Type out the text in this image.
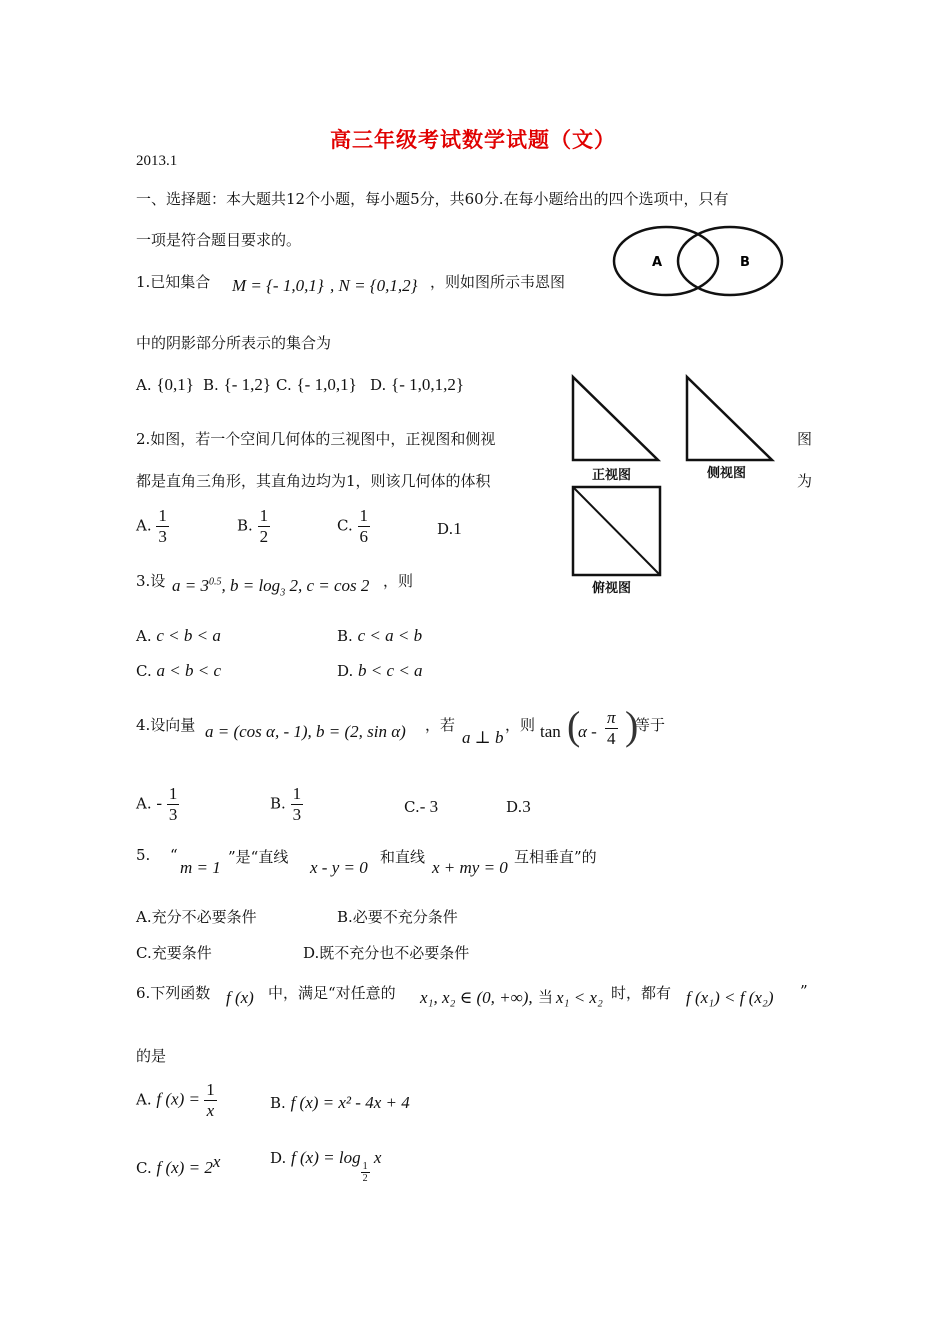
高三年级考试数学试题（文）
2013.1
一、选择题：本大题共12个小题，每小题5分，共60分.在每小题给出的四个选项中，只有
一项是符合题目要求的。
A	B
1.已知集合 M = {- 1,0,1} , N = {0,1,2} ，则如图所示韦恩图
中的阴影部分所表示的集合为
A. {0,1} B. {- 1,2} C. {- 1,0,1} D. {- 1,0,1,2}
正视图	侧视图
俯视图
2.如图，若一个空间几何体的三视图中，正视图和侧视	图
都是直角三角形，其直角边均为1，则该几何体的体积	为
A. $\frac{1}{3}$	B. $\frac{1}{2}$	C. $\frac{1}{6}$	D.1
3.设 $a = 3^{0.5}$, $b = \log_3 2$, c = cos 2 ，则
A. c < b < a	B. c < a < b
C. a < b < c	D. b < c < a
4.设向量 a = (cos α, - 1), b = (2, sin α) ，若
a ⊥ b
，则 tan (
α - $\frac{\pi}{4}$ )
等于
A. - $\frac{1}{3}$	B. $\frac{1}{3}$	C.- 3	D.3
5. “
m = 1
”是“直线
x - y = 0
和直线
x + my = 0
互相垂直”的
A.充分不必要条件	B.必要不充分条件
C.充要条件	D.既不充分也不必要条件
6.下列函数 f (x) 中，满足“对任意的 x₁, x₂ ∈ (0, +∞), 当 x₁ < x₂ 时，都有 f (x₁) < f (x₂) ”
的是
A. f $(x) = \frac{1}{x}$	B. f (x) = x² - 4x + 4
C. f $(x) = 2^x$	D. f (x) = log
$\frac{1}{2}$
x
